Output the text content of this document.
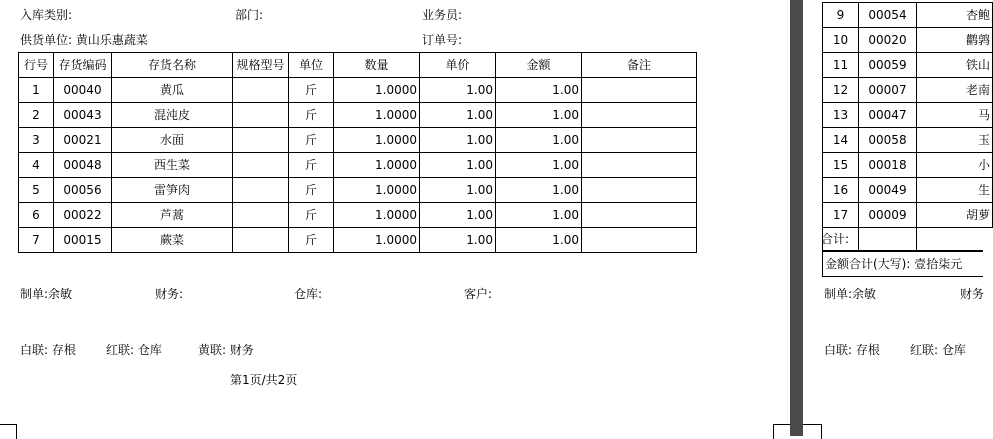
入库类别:	部门:	业务员:
供货单位: 黄山乐惠蔬菜	订单号:
行号	存货编码	存货名称	规格型号	单位	数量	单价	金额	备注
1	00040	黄瓜		斤	1.0000	1.00	1.00	
2	00043	混沌皮		斤	1.0000	1.00	1.00	
3	00021	水面		斤	1.0000	1.00	1.00	
4	00048	西生菜		斤	1.0000	1.00	1.00	
5	00056	雷笋肉		斤	1.0000	1.00	1.00	
6	00022	芦蒿		斤	1.0000	1.00	1.00	
7	00015	蕨菜		斤	1.0000	1.00	1.00	
制单:余敏	财务:	仓库:	客户:
白联: 存根	红联: 仓库	黄联: 财务
第1页/共2页
9	00054	杏鲍
10	00020	鹳鹑
11	00059	铁山
12	00007	老南
13	00047	马
14	00058	玉
15	00018	小
16	00049	生
17	00009	胡萝
合计:
金额合计(大写): 壹拾柒元
制单:余敏	财务
白联: 存根	红联: 仓库
